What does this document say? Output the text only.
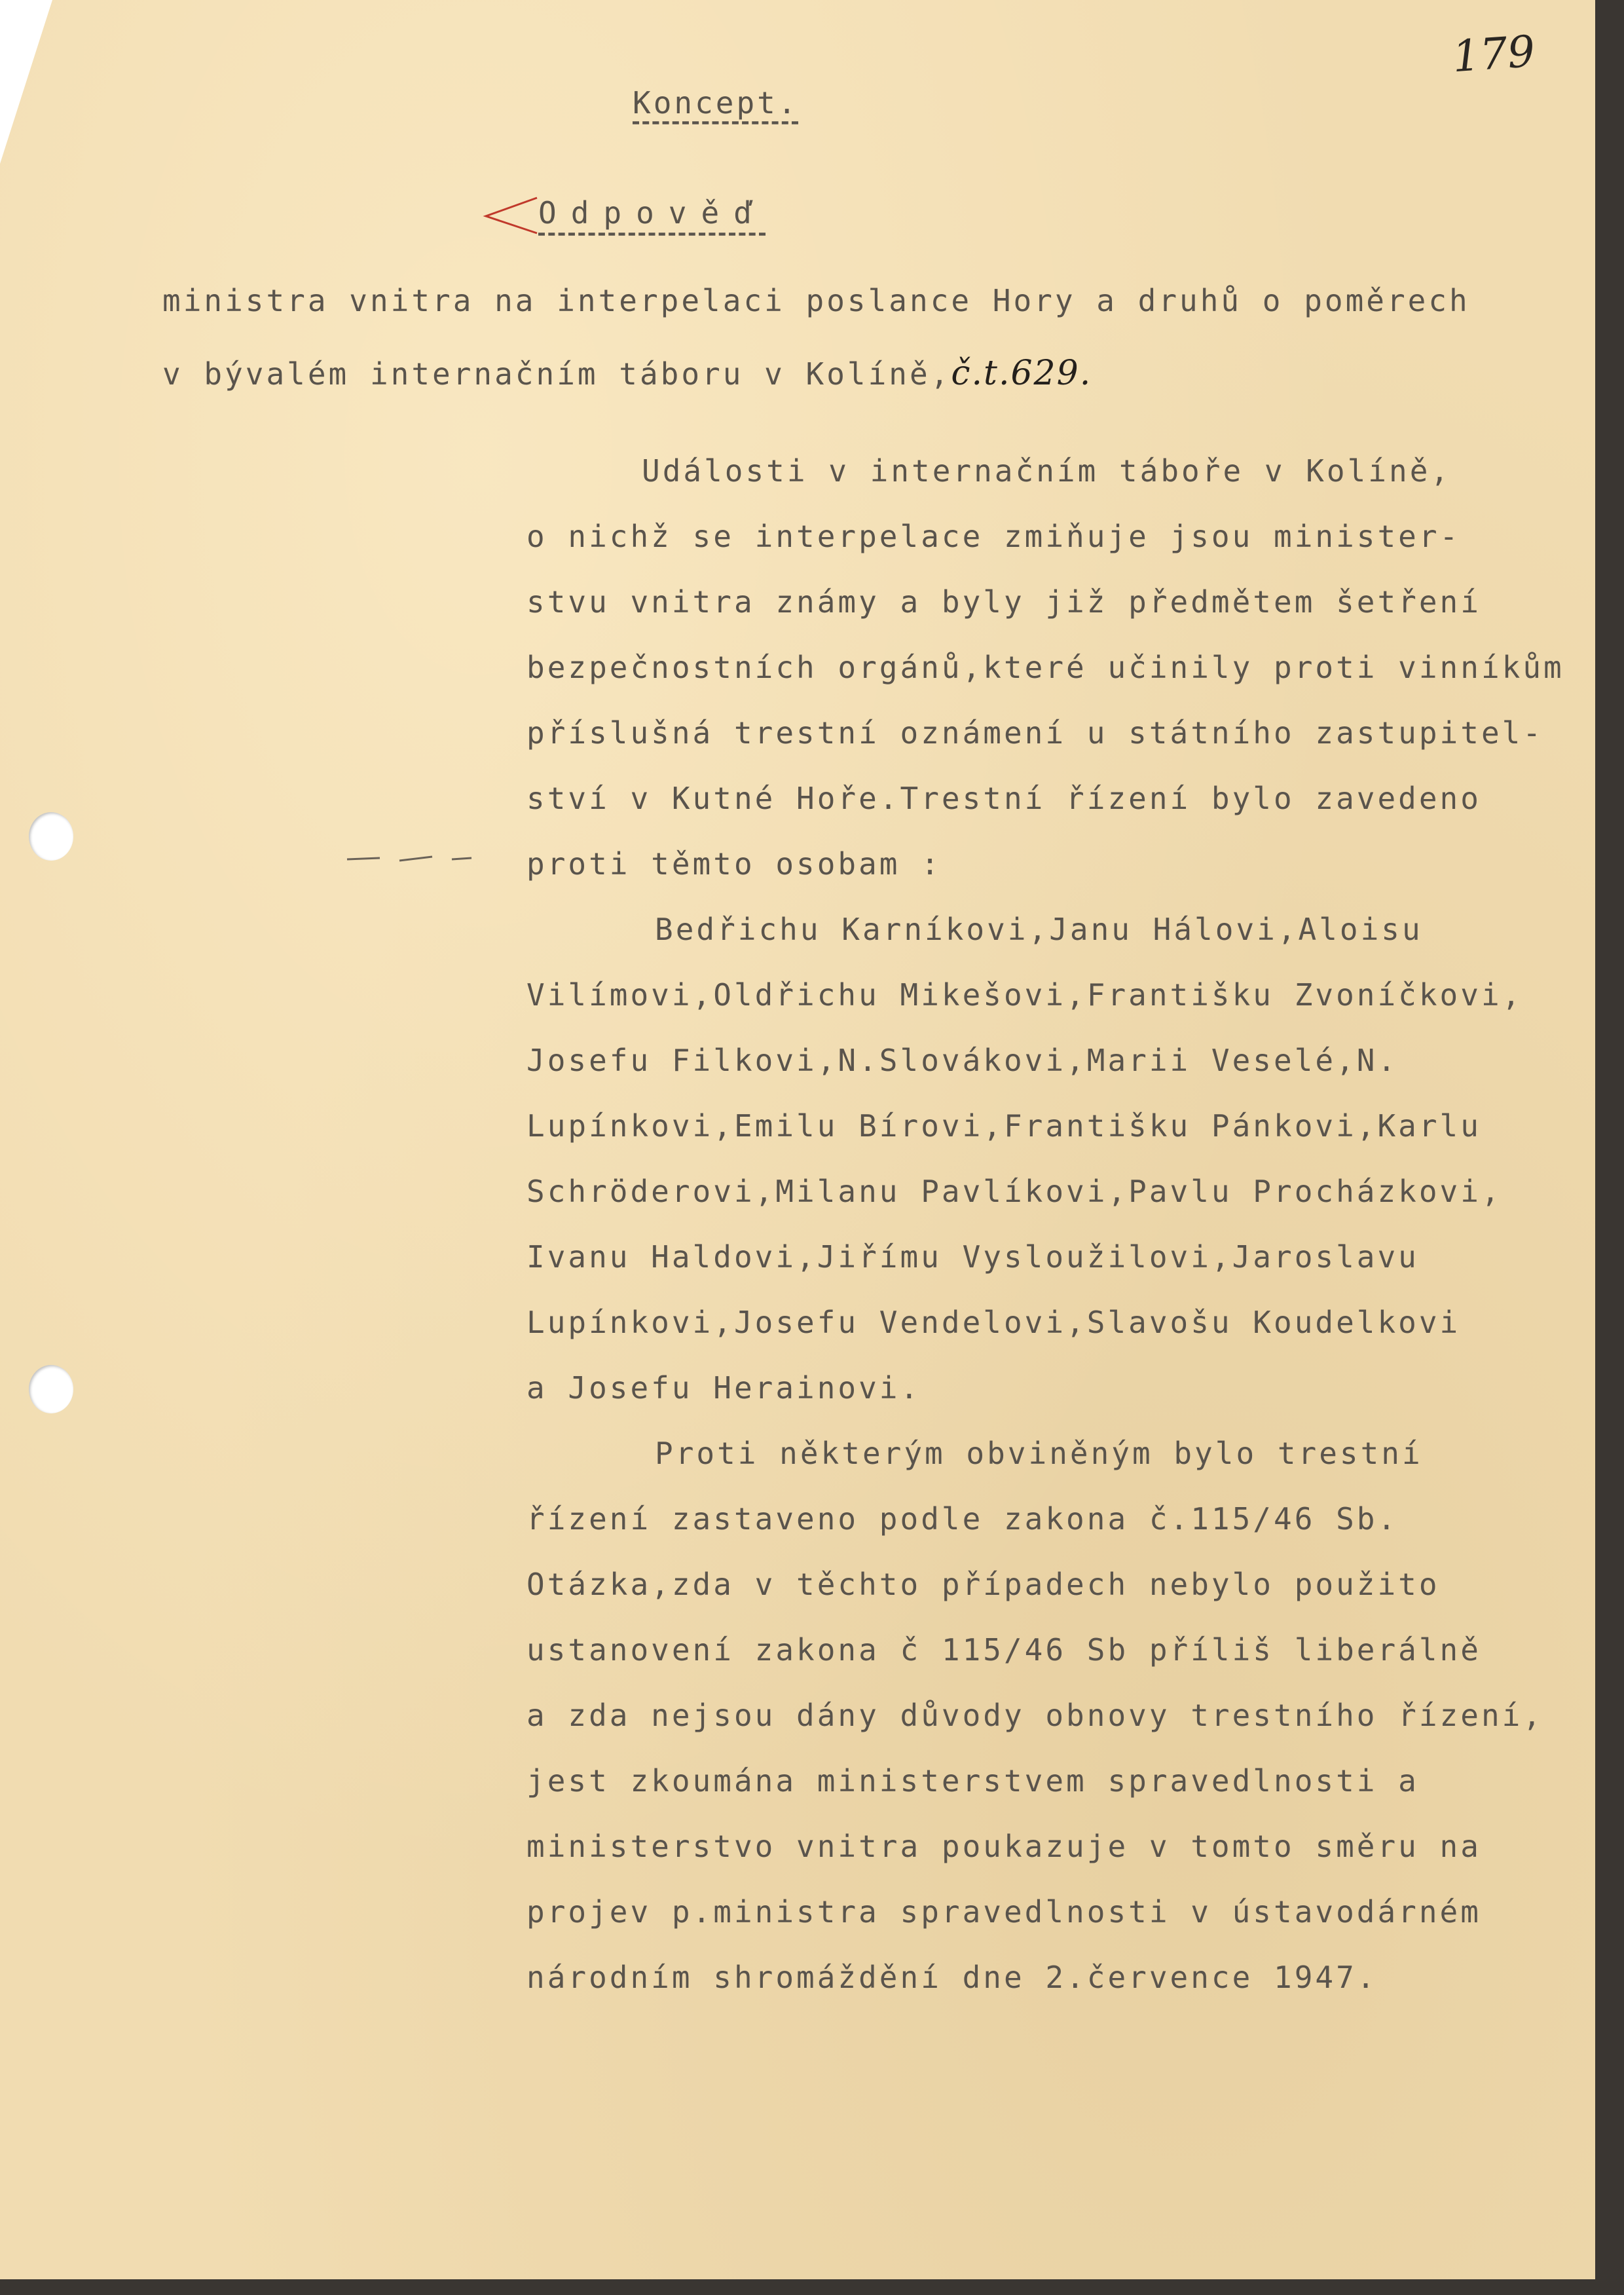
179

Koncept.

Odpověď

ministra vnitra na interpelaci poslance Hory a druhů o poměrech

v bývalém internačním táboru v Kolíně,č.t.629.

Události v internačním táboře v Kolíně,

o nichž se interpelace zmiňuje jsou minister-

stvu vnitra známy a byly již předmětem šetření

bezpečnostních orgánů,které učinily proti vinníkům

příslušná trestní oznámení u státního zastupitel-

ství v Kutné Hoře.Trestní řízení bylo zavedeno

proti těmto osobam :

Bedřichu Karníkovi,Janu Hálovi,Aloisu

Vilímovi,Oldřichu Mikešovi,Františku Zvoníčkovi,

Josefu Filkovi,N.Slovákovi,Marii Veselé,N.

Lupínkovi,Emilu Bírovi,Františku Pánkovi,Karlu

Schröderovi,Milanu Pavlíkovi,Pavlu Procházkovi,

Ivanu Haldovi,Jiřímu Vysloužilovi,Jaroslavu

Lupínkovi,Josefu Vendelovi,Slavošu Koudelkovi

a Josefu Herainovi.

Proti některým obviněným bylo trestní

řízení zastaveno podle zakona č.115/46 Sb.

Otázka,zda v těchto případech nebylo použito

ustanovení zakona č 115/46 Sb příliš liberálně

a zda nejsou dány důvody obnovy trestního řízení,

jest zkoumána ministerstvem spravedlnosti a

ministerstvo vnitra poukazuje v tomto směru na

projev p.ministra spravedlnosti v ústavodárném

národním shromáždění dne 2.července 1947.
